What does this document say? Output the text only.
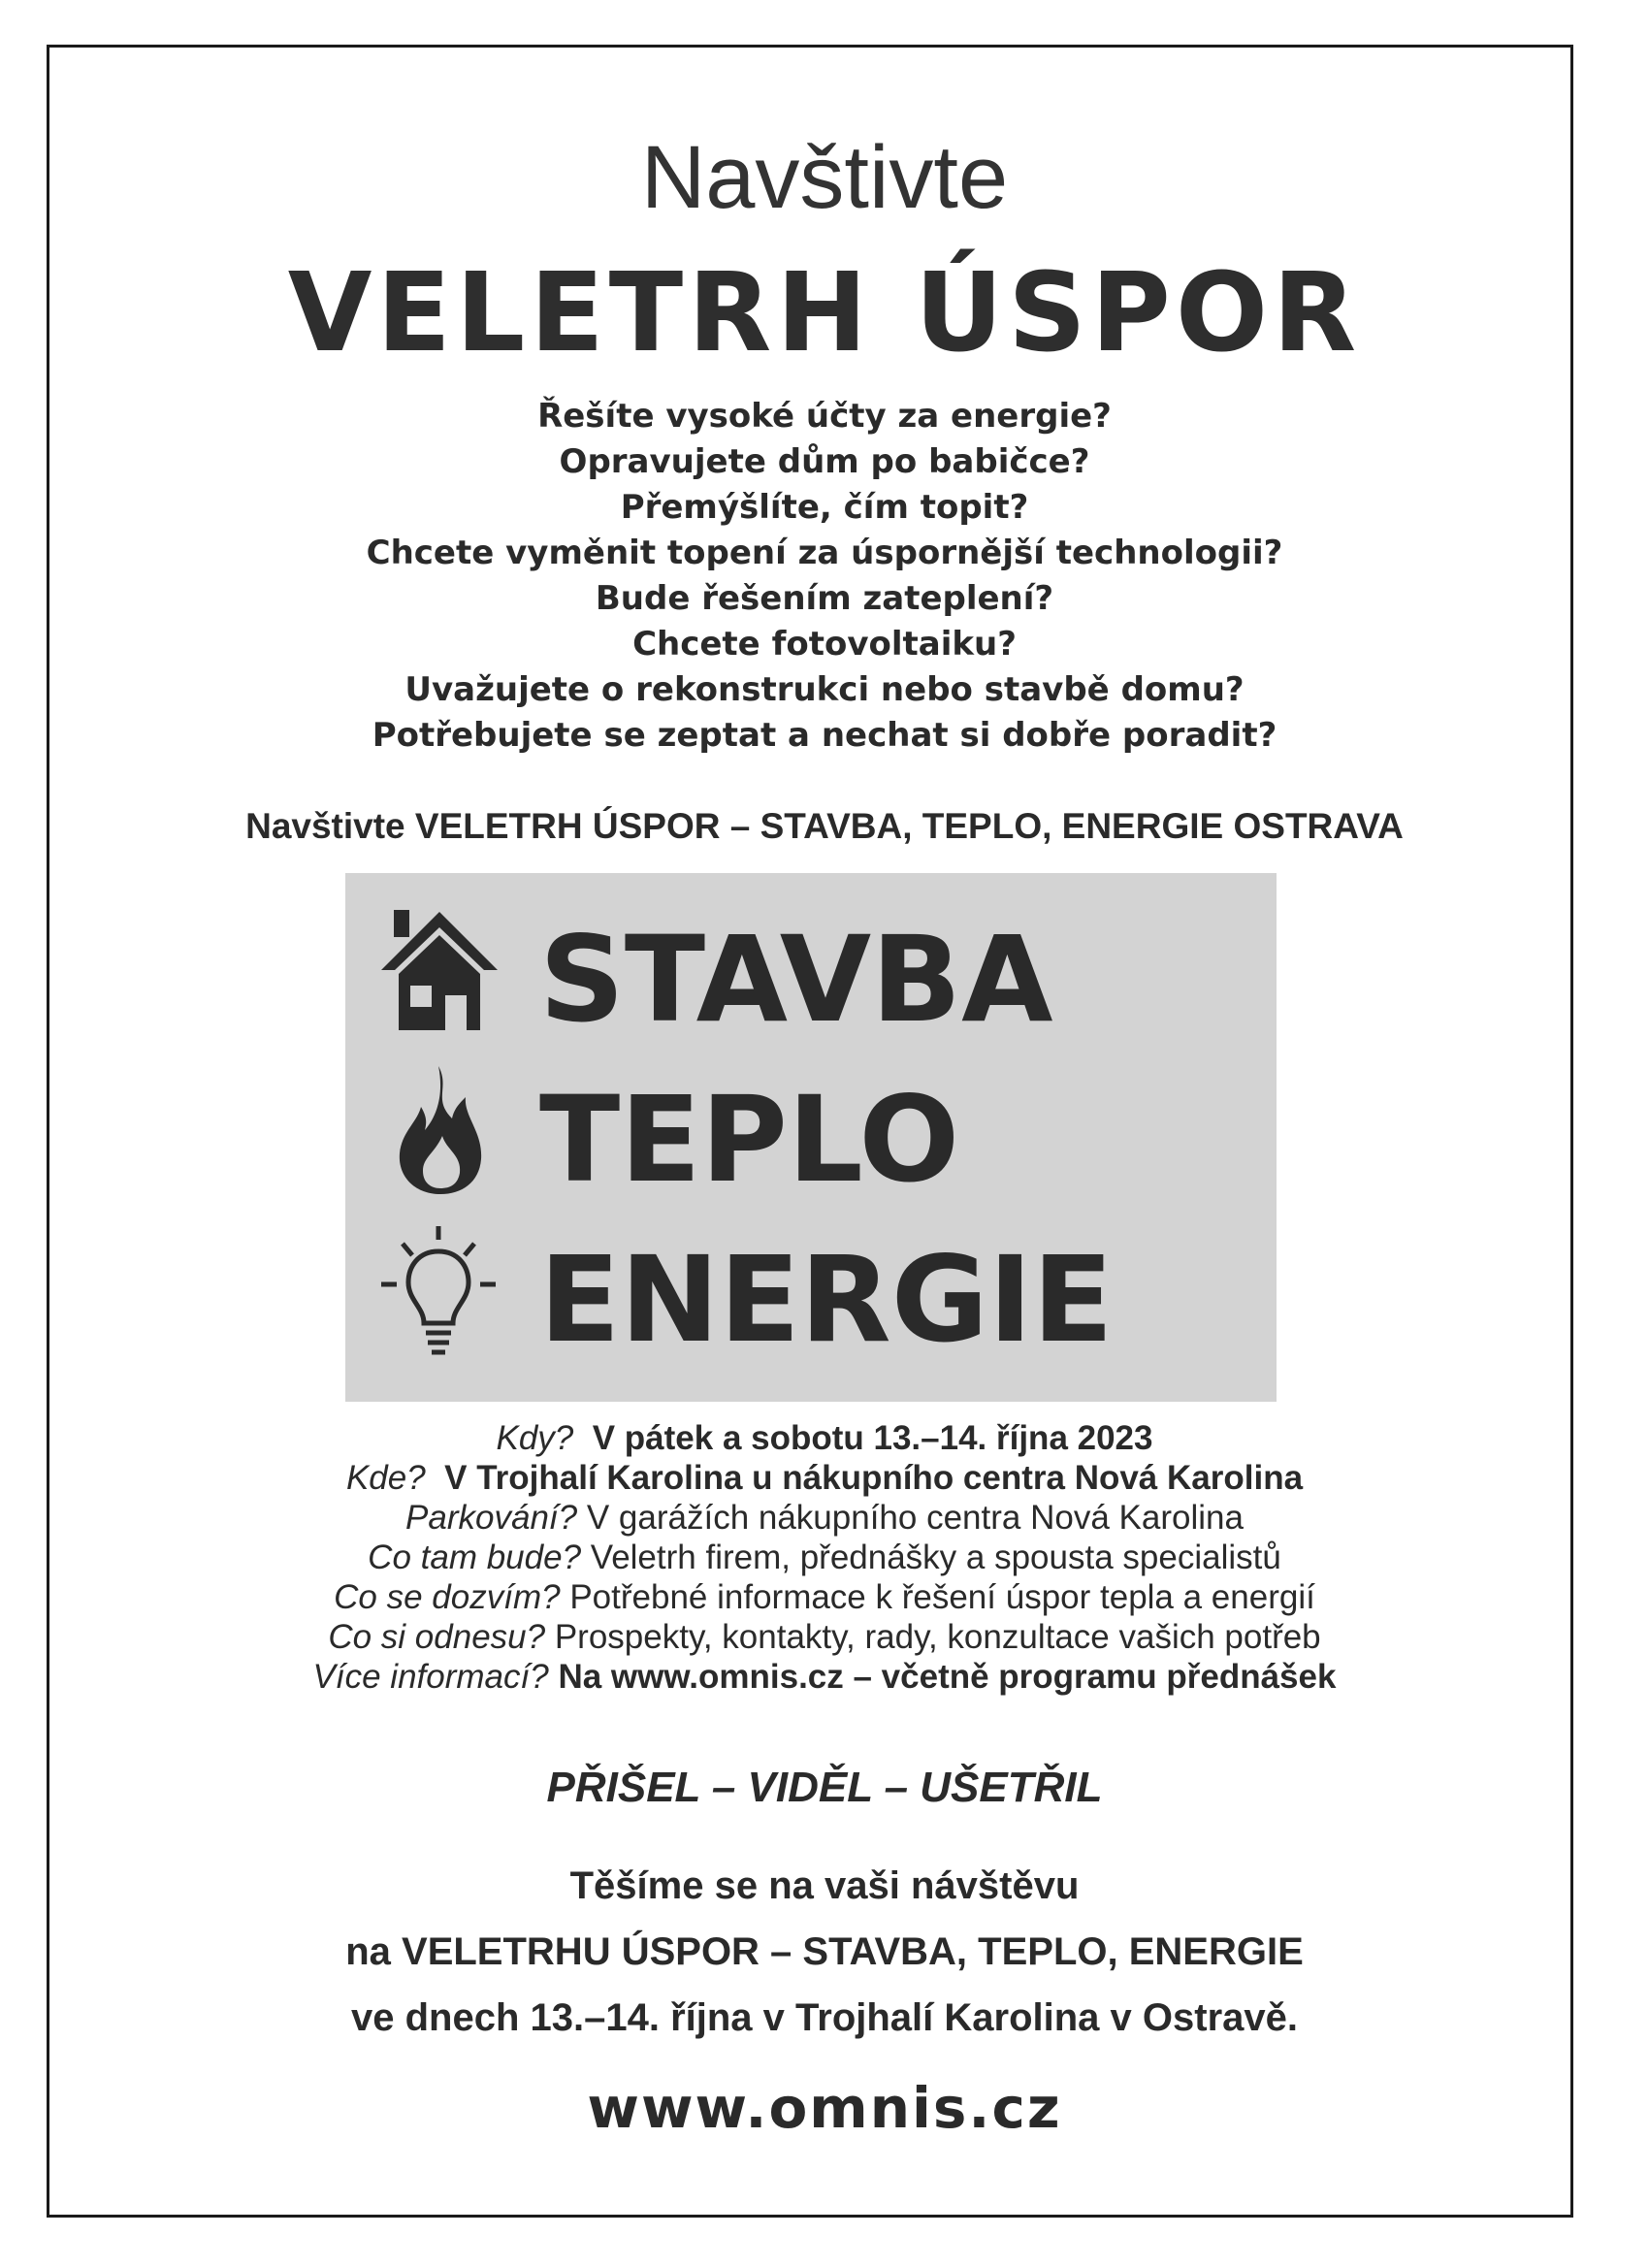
Navštivte
VELETRH ÚSPOR
Řešíte vysoké účty za energie?
Opravujete dům po babičce?
Přemýšlíte, čím topit?
Chcete vyměnit topení za úspornější technologii?
Bude řešením zateplení?
Chcete fotovoltaiku?
Uvažujete o rekonstrukci nebo stavbě domu?
Potřebujete se zeptat a nechat si dobře poradit?
Navštivte VELETRH ÚSPOR – STAVBA, TEPLO, ENERGIE OSTRAVA
STAVBA
TEPLO
ENERGIE
Kdy? V pátek a sobotu 13.–14. října 2023
Kde? V Trojhalí Karolina u nákupního centra Nová Karolina
Parkování? V garážích nákupního centra Nová Karolina
Co tam bude? Veletrh firem, přednášky a spousta specialistů
Co se dozvím? Potřebné informace k řešení úspor tepla a energií
Co si odnesu? Prospekty, kontakty, rady, konzultace vašich potřeb
Více informací? Na www.omnis.cz – včetně programu přednášek
PŘIŠEL – VIDĚL – UŠETŘIL
Těšíme se na vaši návštěvu
na VELETRHU ÚSPOR – STAVBA, TEPLO, ENERGIE
ve dnech 13.–14. října v Trojhalí Karolina v Ostravě.
www.omnis.cz
